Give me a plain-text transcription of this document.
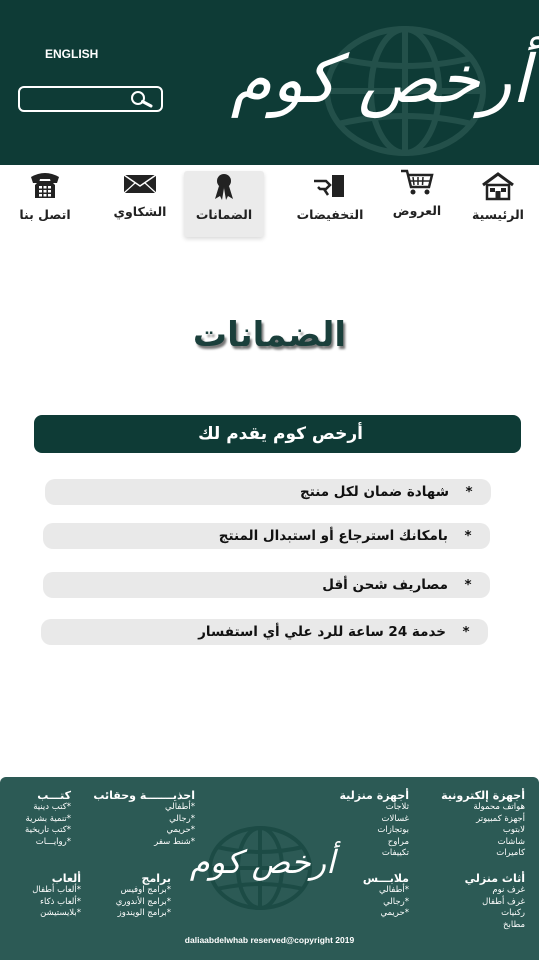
ENGLISH أرخص كوم
الرئيسية
العروض
التخفيضات
الضمانات
الشكاوي
اتصل بنا
الضمانات
أرخص كوم يقدم لك
*شهادة ضمان لكل منتج
*بامكانك استرجاع أو استبدال المنتج
*مصاريف شحن أقل
*خدمة 24 ساعة للرد علي أي استفسار
أرخص كوم
أجهزة إلكترونية
هواتف محمولة
أجهزة كمبيوتر
لابتوب
شاشات
كاميرات
أجهزة منزلية
ثلاجات
غسالات
بوتجازات
مراوح
تكييفات
احذيـــــــة وحقائب
*أطفالي
*رجالي
*حريمي
*شنط سفر
كتـــب
*كتب دينية
*تنمية بشرية
*كتب تاريخية
*روايـــات
أثاث منزلي
غرف نوم
غرف أطفال
ركنيات
مطابخ
ملابـــس
*أطفالي
*رجالي
*حريمي
برامج
*برامج اوفيس
*برامج الأندوري
*برامج الويندوز
ألعاب
*ألعاب أطفال
*ألعاب ذكاء
*بلايستيشن
daliaabdelwhab reserved@copyright 2019
